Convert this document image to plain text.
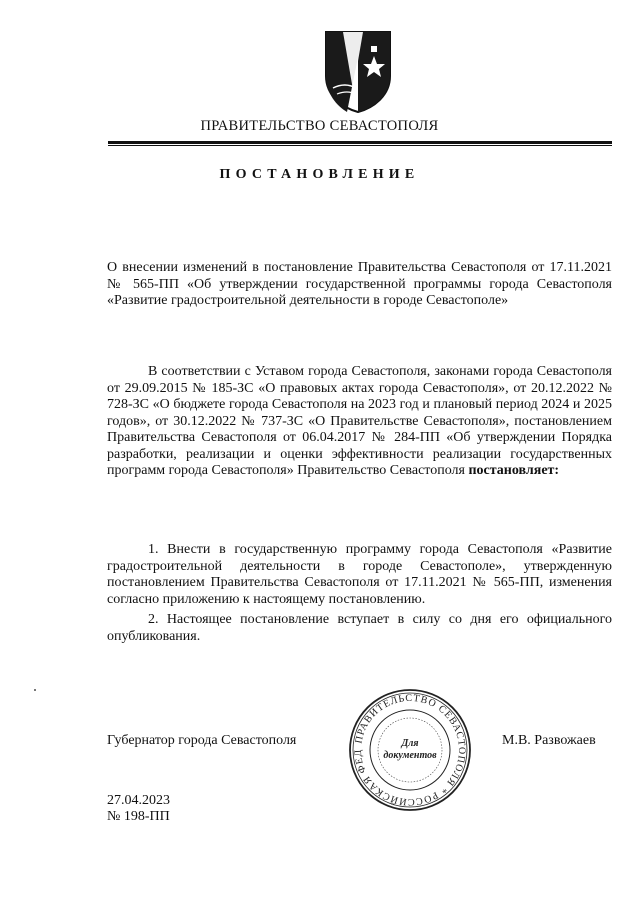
ПРАВИТЕЛЬСТВО СЕВАСТОПОЛЯ
ПОСТАНОВЛЕНИЕ

О внесении изменений в постановление Правительства Севастополя от 17.11.2021 № 565-ПП «Об утверждении государственной программы города Севастополя «Развитие градостроительной деятельности в городе Севастополе»

В соответствии с Уставом города Севастополя, законами города Севастополя от 29.09.2015 № 185-ЗС «О правовых актах города Севастополя», от 20.12.2022 № 728-ЗС «О бюджете города Севастополя на 2023 год и плановый период 2024 и 2025 годов», от 30.12.2022 № 737-ЗС «О Правительстве Севастополя», постановлением Правительства Севастополя от 06.04.2017 № 284-ПП «Об утверждении Порядка разработки, реализации и оценки эффективности реализации государственных программ города Севастополя» Правительство Севастополя постановляет:

1. Внести в государственную программу города Севастополя «Развитие градостроительной деятельности в городе Севастополе», утвержденную постановлением Правительства Севастополя от 17.11.2021 № 565-ПП, изменения согласно приложению к настоящему постановлению.

2. Настоящее постановление вступает в силу со дня его официального опубликования.

Губернатор города Севастополя	ПРАВИТЕЛЬСТВО СЕВАСТОПОЛЯ * РОССИЙСКАЯ ФЕД
Для
документов
М.В. Развожаев
27.04.2023
№ 198-ПП
